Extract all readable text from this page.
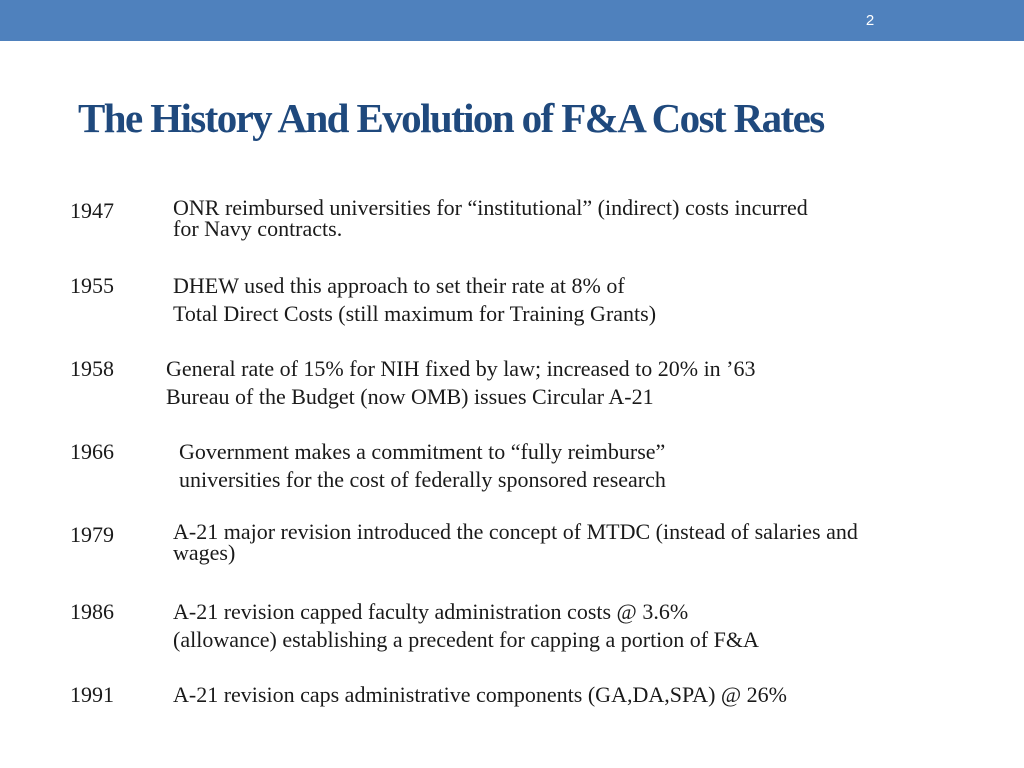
2
The History And Evolution of F&A Cost Rates
1947	ONR reimbursed universities for “institutional” (indirect) costs incurred
for Navy contracts.

1955	DHEW used this approach to set their rate at 8% of
Total Direct Costs (still maximum for Training Grants)

1958 General rate of 15% for NIH fixed by law; increased to 20% in ’63
Bureau of the Budget (now OMB) issues Circular A-21

1966	Government makes a commitment to “fully reimburse”
universities for the cost of federally sponsored research

1979	A-21 major revision introduced the concept of MTDC (instead of salaries and
wages)

1986	A-21 revision capped faculty administration costs @ 3.6%
(allowance) establishing a precedent for capping a portion of F&A

1991	A-21 revision caps administrative components (GA,DA,SPA) @ 26%
